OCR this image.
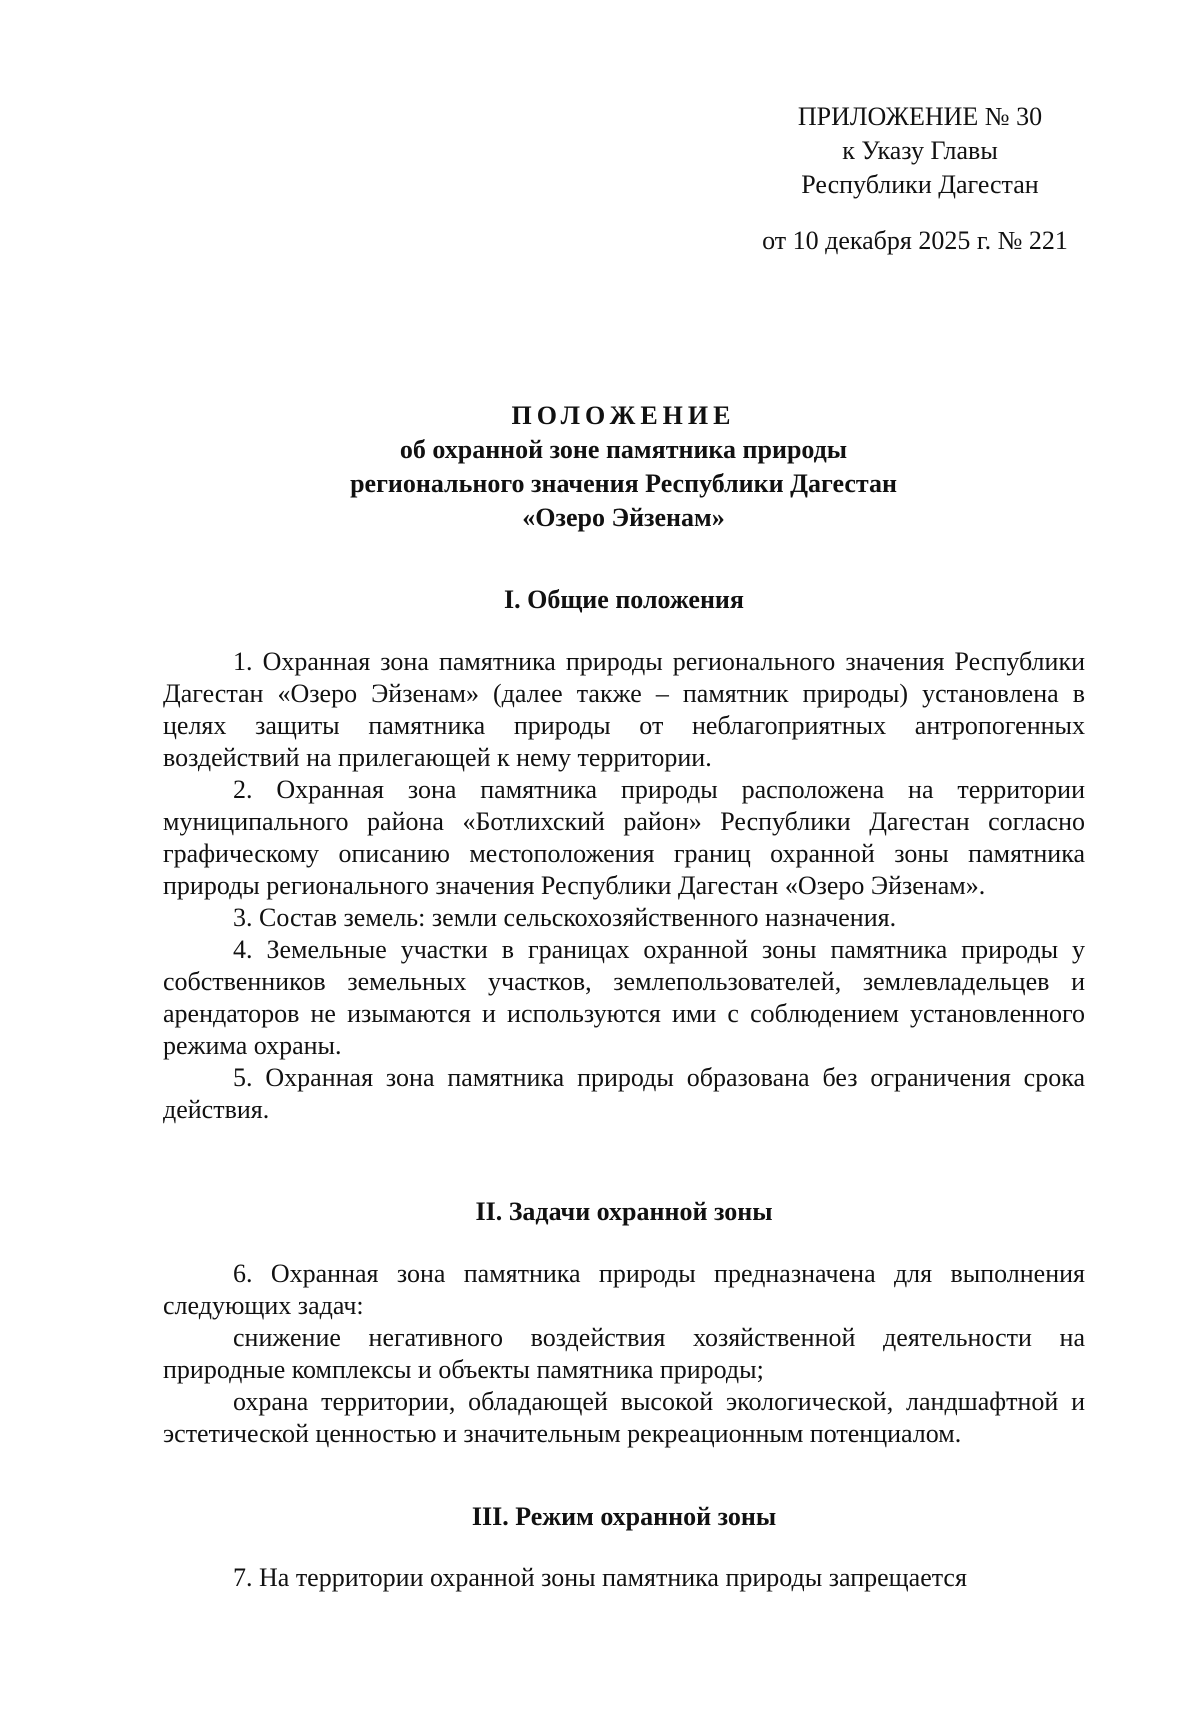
ПРИЛОЖЕНИЕ № 30
к Указу Главы
Республики Дагестан
от 10 декабря 2025 г. № 221
ПОЛОЖЕНИЕ
об охранной зоне памятника природы
регионального значения Республики Дагестан
«Озеро Эйзенам»
I. Общие положения

1. Охранная зона памятника природы регионального значения Республики Дагестан «Озеро Эйзенам» (далее также – памятник природы) установлена в целях защиты памятника природы от неблагоприятных антропогенных воздействий на прилегающей к нему территории.

2. Охранная зона памятника природы расположена на территории муниципального района «Ботлихский район» Республики Дагестан согласно графическому описанию местоположения границ охранной зоны памятника природы регионального значения Республики Дагестан «Озеро Эйзенам».

3. Состав земель: земли сельскохозяйственного назначения.

4. Земельные участки в границах охранной зоны памятника природы у собственников земельных участков, землепользователей, землевладельцев и арендаторов не изымаются и используются ими с соблюдением установленного режима охраны.

5. Охранная зона памятника природы образована без ограничения срока действия.

II. Задачи охранной зоны

6. Охранная зона памятника природы предназначена для выполнения следующих задач:

снижение негативного воздействия хозяйственной деятельности на природные комплексы и объекты памятника природы;

охрана территории, обладающей высокой экологической, ландшафтной и эстетической ценностью и значительным рекреационным потенциалом.

III. Режим охранной зоны

7. На территории охранной зоны памятника природы запрещается
